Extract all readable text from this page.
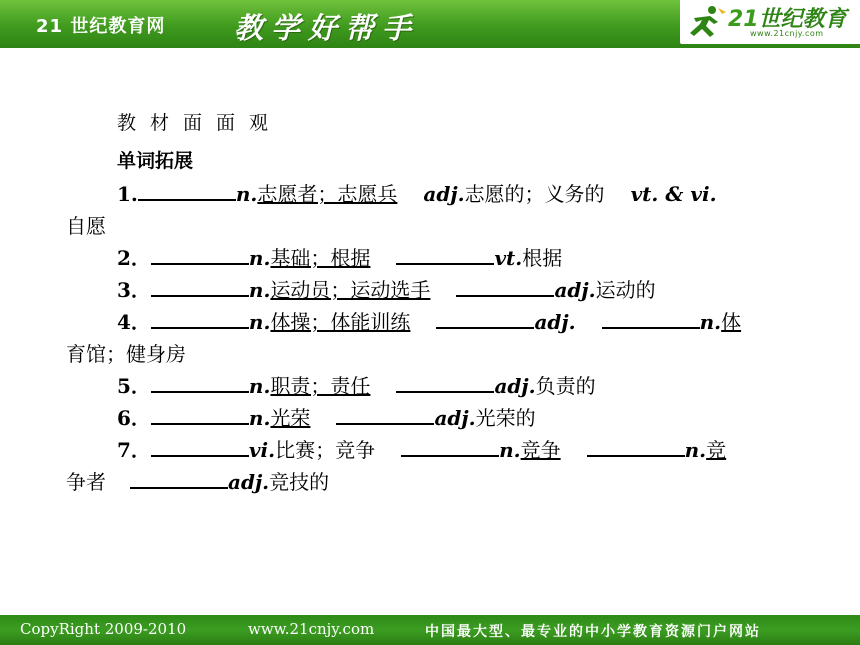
21 世纪教育网 教学好帮手	21世纪教育
www.21cnjy.com
教材面面观
单词拓展
1.	n.志愿者；志愿兵 adj.志愿的；义务的 vt. & vi.
自愿
2．	n.基础；根据	vt.根据
3．	n.运动员；运动选手	adj.运动的
4．	n.体操；体能训练	adj.	n.体
育馆；健身房
5．	n.职责；责任	adj.负责的
6．	n.光荣	adj.光荣的
7．	vi.比赛；竞争	n.竞争	n.竞
争者	adj.竞技的
CopyRight 2009-2010	www.21cnjy.com	中国最大型、最专业的中小学教育资源门户网站
